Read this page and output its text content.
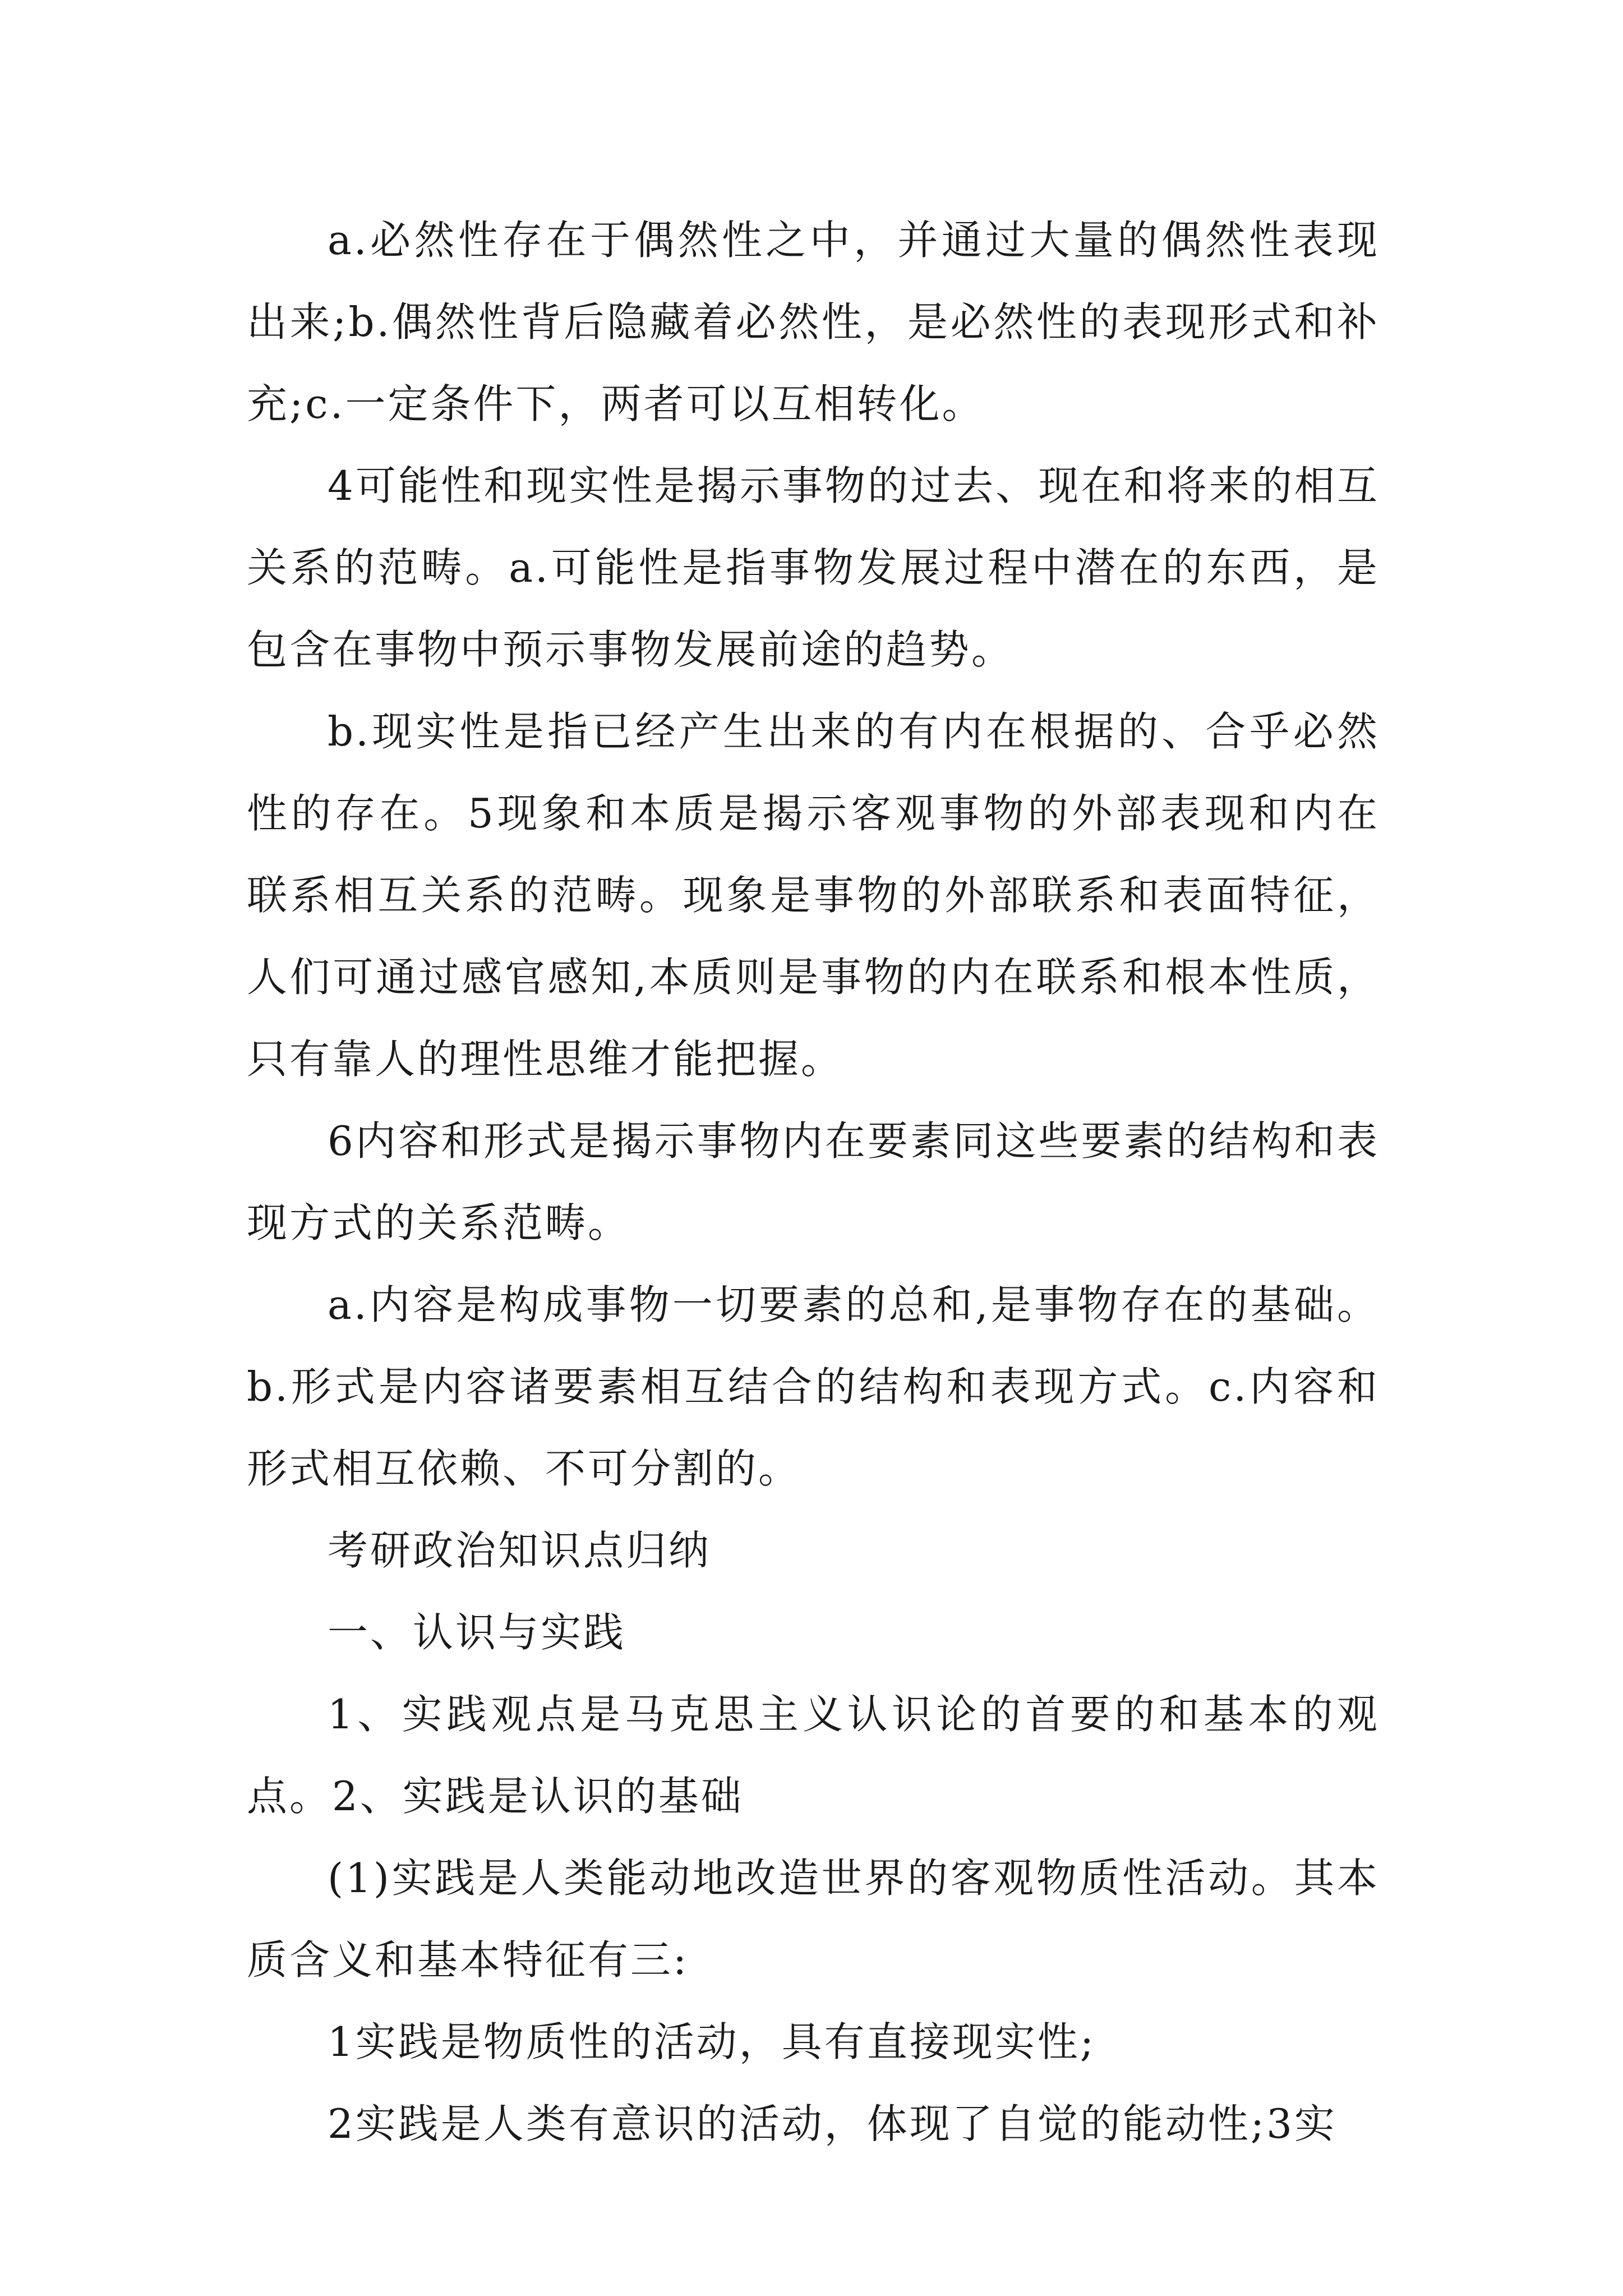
a.必然性存在于偶然性之中，并通过大量的偶然性表现出来;b.偶然性背后隐藏着必然性，是必然性的表现形式和补充;c.一定条件下，两者可以互相转化。

4可能性和现实性是揭示事物的过去、现在和将来的相互关系的范畴。a.可能性是指事物发展过程中潜在的东西，是包含在事物中预示事物发展前途的趋势。

b.现实性是指已经产生出来的有内在根据的、合乎必然性的存在。5现象和本质是揭示客观事物的外部表现和内在联系相互关系的范畴。现象是事物的外部联系和表面特征，人们可通过感官感知,本质则是事物的内在联系和根本性质，只有靠人的理性思维才能把握。

6内容和形式是揭示事物内在要素同这些要素的结构和表现方式的关系范畴。

a.内容是构成事物一切要素的总和,是事物存在的基础。b.形式是内容诸要素相互结合的结构和表现方式。c.内容和形式相互依赖、不可分割的。

考研政治知识点归纳

一、认识与实践

1、实践观点是马克思主义认识论的首要的和基本的观点。2、实践是认识的基础

(1)实践是人类能动地改造世界的客观物质性活动。其本质含义和基本特征有三:

1实践是物质性的活动，具有直接现实性;

2实践是人类有意识的活动，体现了自觉的能动性;3实
